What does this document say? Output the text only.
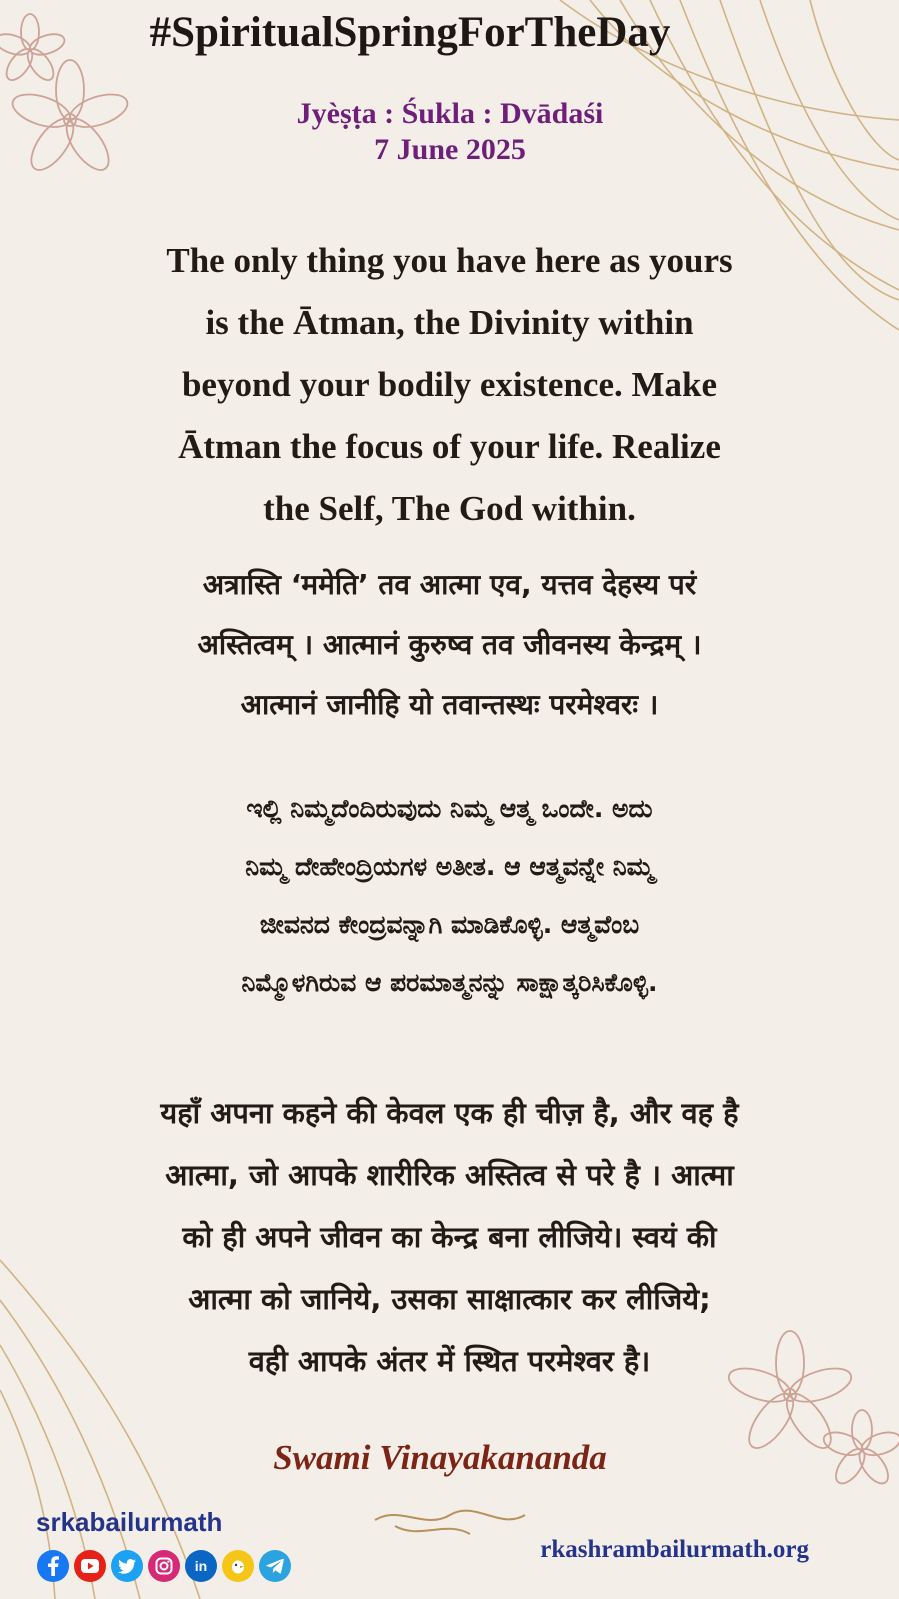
#SpiritualSpringForTheDay
Jyèṣṭa : Śukla : Dvādaśi
7 June 2025
The only thing you have here as yours
is the Ātman, the Divinity within
beyond your bodily existence. Make
Ātman the focus of your life. Realize
the Self, The God within.
अत्रास्ति ‘ममेति’ तव आत्मा एव, यत्तव देहस्य परं
अस्तित्वम् । आत्मानं कुरुष्व तव जीवनस्य केन्द्रम् ।
आत्मानं जानीहि यो तवान्तस्थः परमेश्वरः ।
ಇಲ್ಲಿ ನಿಮ್ಮದೆಂದಿರುವುದು ನಿಮ್ಮ ಆತ್ಮ ಒಂದೇ. ಅದು
ನಿಮ್ಮ ದೇಹೇಂದ್ರಿಯಗಳ ಅತೀತ. ಆ ಆತ್ಮವನ್ನೇ ನಿಮ್ಮ
ಜೀವನದ ಕೇಂದ್ರವನ್ನಾಗಿ ಮಾಡಿಕೊಳ್ಳಿ. ಆತ್ಮವೆಂಬ
ನಿಮ್ಮೊಳಗಿರುವ ಆ ಪರಮಾತ್ಮನನ್ನು ಸಾಕ್ಷಾತ್ಕರಿಸಿಕೊಳ್ಳಿ.
यहाँ अपना कहने की केवल एक ही चीज़ है, और वह है
आत्मा, जो आपके शारीरिक अस्तित्व से परे है । आत्मा
को ही अपने जीवन का केन्द्र बना लीजिये। स्वयं की
आत्मा को जानिये, उसका साक्षात्कार कर लीजिये;
वही आपके अंतर में स्थित परमेश्वर है।
Swami Vinayakananda
srkabailurmath
in
rkashrambailurmath.org
